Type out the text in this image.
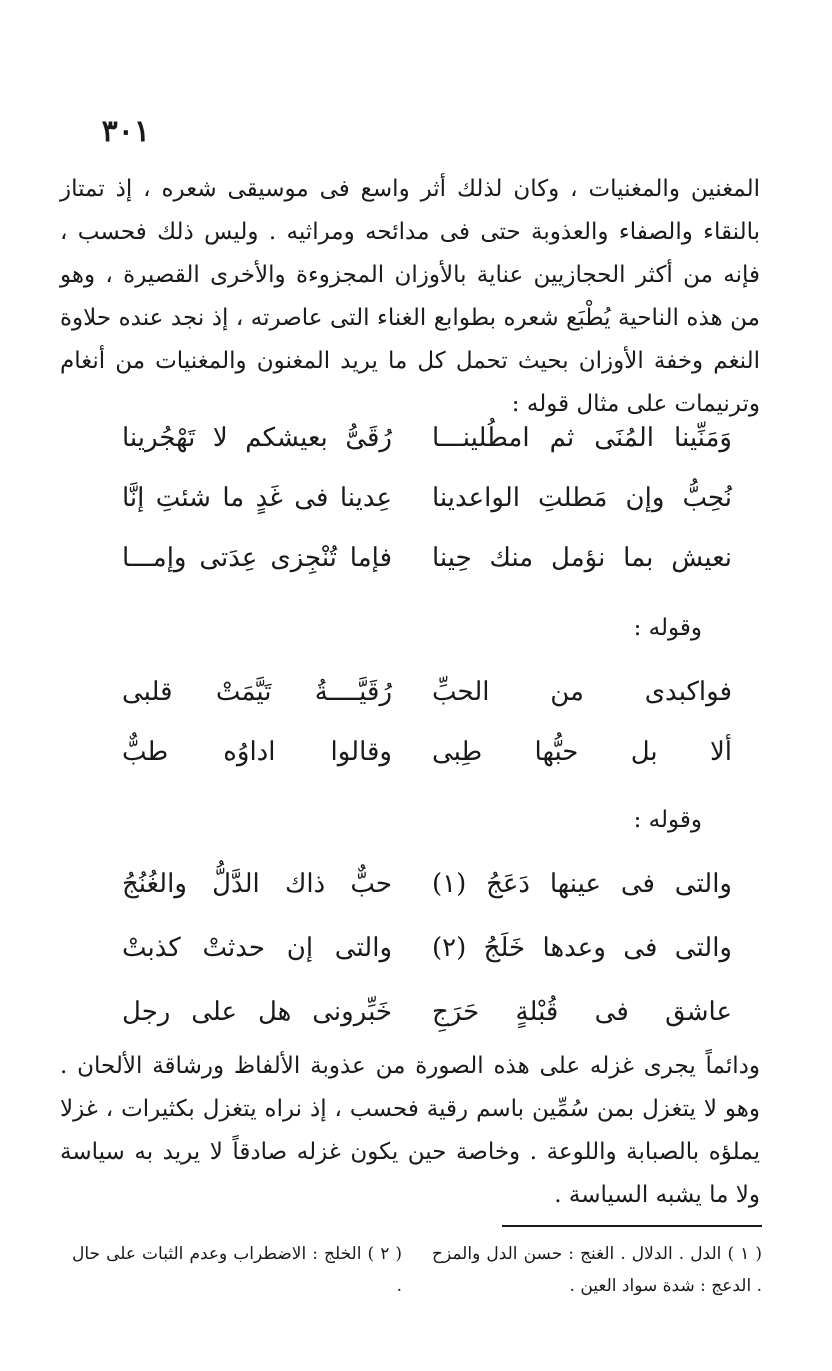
٣٠١

المغنين والمغنيات ، وكان لذلك أثر واسع فى موسيقى شعره ، إذ تمتاز بالنقاء والصفاء والعذوبة حتى فى مدائحه ومراثيه . وليس ذلك فحسب ، فإنه من أكثر الحجازيين عناية بالأوزان المجزوءة والأخرى القصيرة ، وهو من هذه الناحية يُطْبَع شعره بطوابع الغناء التى عاصرته ، إذ نجد عنده حلاوة النغم وخفة الأوزان بحيث تحمل كل ما يريد المغنون والمغنيات من أنغام وترنيمات على مثال قوله :

رُقَىُّ بعيشكم لا تَهْجُرينا وَمَنِّينا المُنَى ثم امطُلينـــا
عِدينا فى غَدٍ ما شئتِ إنَّا نُحِبُّ وإن مَطلتِ الواعدينا
فإما تُنْجِزى عِدَتى وإمـــا نعيش بما نؤمل منك حِينا
وقوله :
رُقَيَّــــةُ تَيَّمَتْ قلبى فواكبدى من الحبِّ
وقالوا اداوُه طبٌّ ألا بل حبُّها طِبى
وقوله :
حبٌّ ذاك الدَّلُّ والغُنُجُ والتى فى عينها دَعَجُ (١)
والتى إن حدثتْ كذبتْ والتى فى وعدها خَلَجُ (٢)
خَبِّرونى هل على رجل عاشق فى قُبْلةٍ حَرَجِ

ودائماً يجرى غزله على هذه الصورة من عذوبة الألفاظ ورشاقة الألحان . وهو لا يتغزل بمن سُمِّين باسم رقية فحسب ، إذ نراه يتغزل بكثيرات ، غزلا يملؤه بالصبابة واللوعة . وخاصة حين يكون غزله صادقاً لا يريد به سياسة ولا ما يشبه السياسة .

( ١ ) الدل . الدلال . الغنج : حسن الدل والمزح . الدعج : شدة سواد العين .
( ٢ ) الخلج : الاضطراب وعدم الثبات على حال .
